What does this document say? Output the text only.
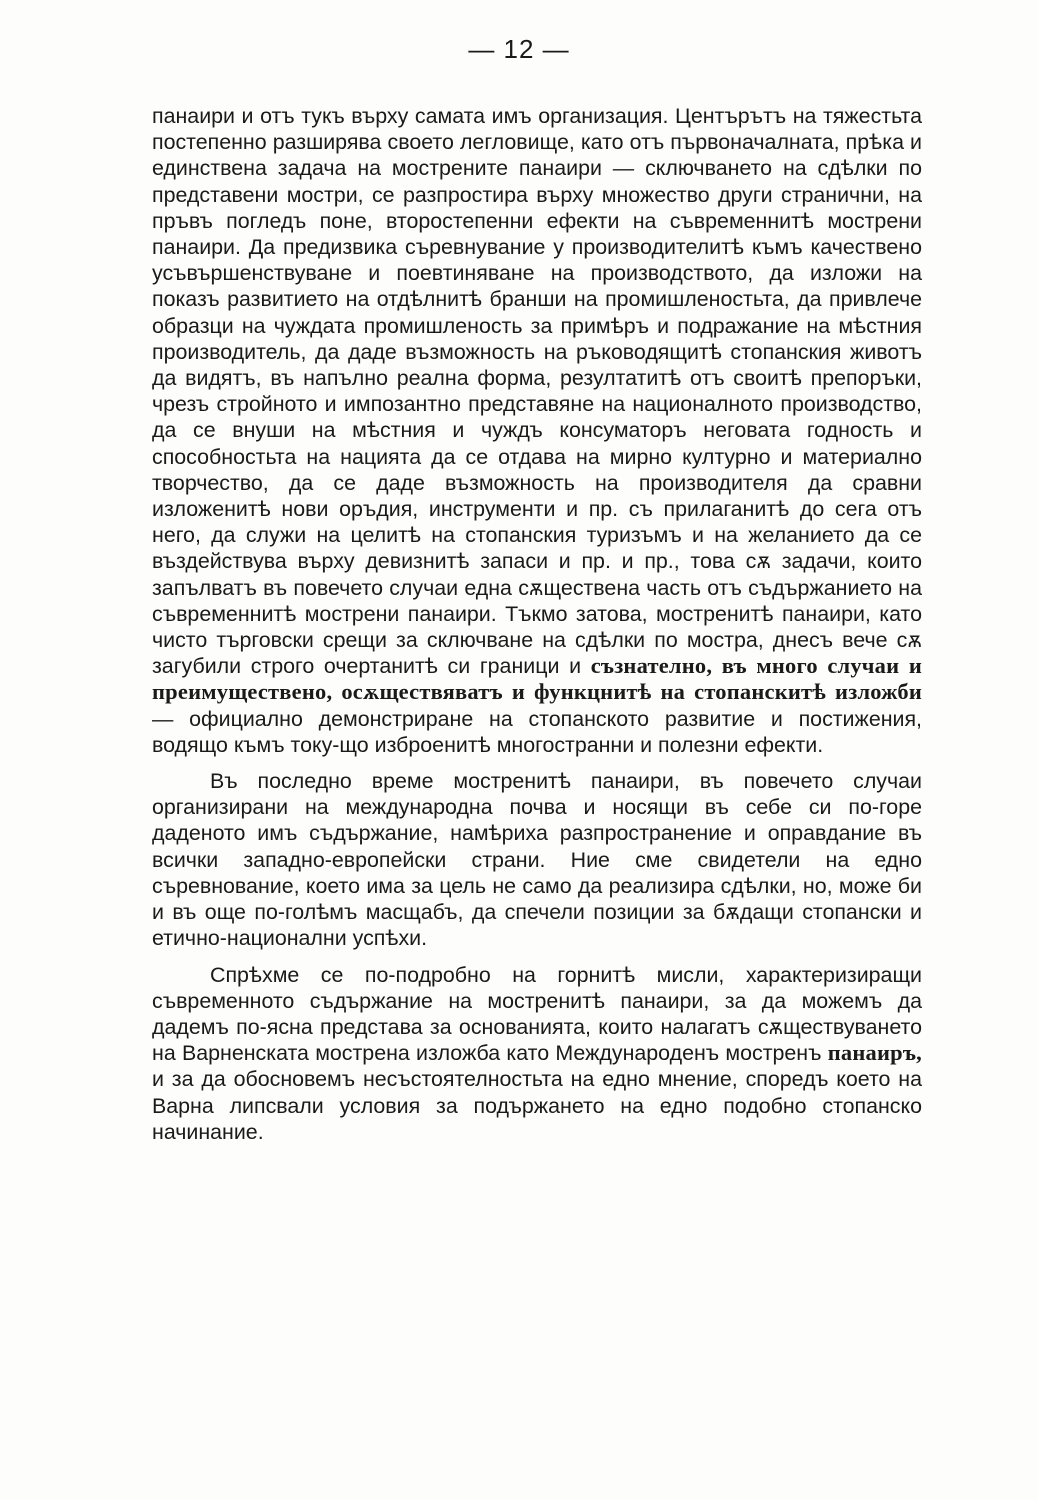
— 12 —

панаири и отъ тукъ върху самата имъ организация. Центърътъ на тяжестьта постепенно разширява своето легловище, като отъ първоначалната, прѣка и единствена задача на мострените панаири — сключването на сдѣлки по представени мостри, се разпростира върху множество други странични, на пръвъ погледъ поне, второстепенни ефекти на съвременнитѣ мострени панаири. Да предизвика съревнувание у производителитѣ къмъ качествено усъвършенствуване и поевтиняване на производството, да изложи на показъ развитието на отдѣлнитѣ бранши на промишленостьта, да привлече образци на чуждата промишленость за примѣръ и подражание на мѣстния производитель, да даде възможность на ръководящитѣ стопанския животъ да видятъ, въ напълно реална форма, резултатитѣ отъ своитѣ препоръки, чрезъ стройното и импозантно представяне на националното производство, да се внуши на мѣстния и чуждъ консуматоръ неговата годность и способностьта на нацията да се отдава на мирно културно и материално творчество, да се даде възможность на производителя да сравни изложенитѣ нови оръдия, инструменти и пр. съ прилаганитѣ до сега отъ него, да служи на целитѣ на стопанския туризъмъ и на желанието да се въздействува върху девизнитѣ запаси и пр. и пр., това сѫ задачи, които запълватъ въ повечето случаи една сѫществена часть отъ съдържанието на съвременнитѣ мострени панаири. Тъкмо затова, мостренитѣ панаири, като чисто търговски срещи за сключване на сдѣлки по мостра, днесъ вече сѫ загубили строго очертанитѣ си граници и съзнателно, въ много случаи и преимуществено, осѫществяватъ и функцнитѣ на стопанскитѣ изложби — официално демонстриране на стопанското развитие и постижения, водящо къмъ току-що изброенитѣ многостранни и полезни ефекти.

Въ последно време мостренитѣ панаири, въ повечето случаи организирани на международна почва и носящи въ себе си по-горе даденото имъ съдържание, намѣриха разпространение и оправдание въ всички западно-европейски страни. Ние сме свидетели на едно съревнование, което има за цель не само да реализира сдѣлки, но, може би и въ още по-голѣмъ масщабъ, да спечели позиции за бѫдащи стопански и етично-национални успѣхи.

Спрѣхме се по-подробно на горнитѣ мисли, характеризиращи съвременното съдържание на мостренитѣ панаири, за да можемъ да дадемъ по-ясна представа за основанията, които налагатъ сѫществуването на Варненската мострена изложба като Международенъ мостренъ панаиръ, и за да обосновемъ несъстоятелностьта на едно мнение, споредъ което на Варна липсвали условия за подържането на едно подобно стопанско начинание.
